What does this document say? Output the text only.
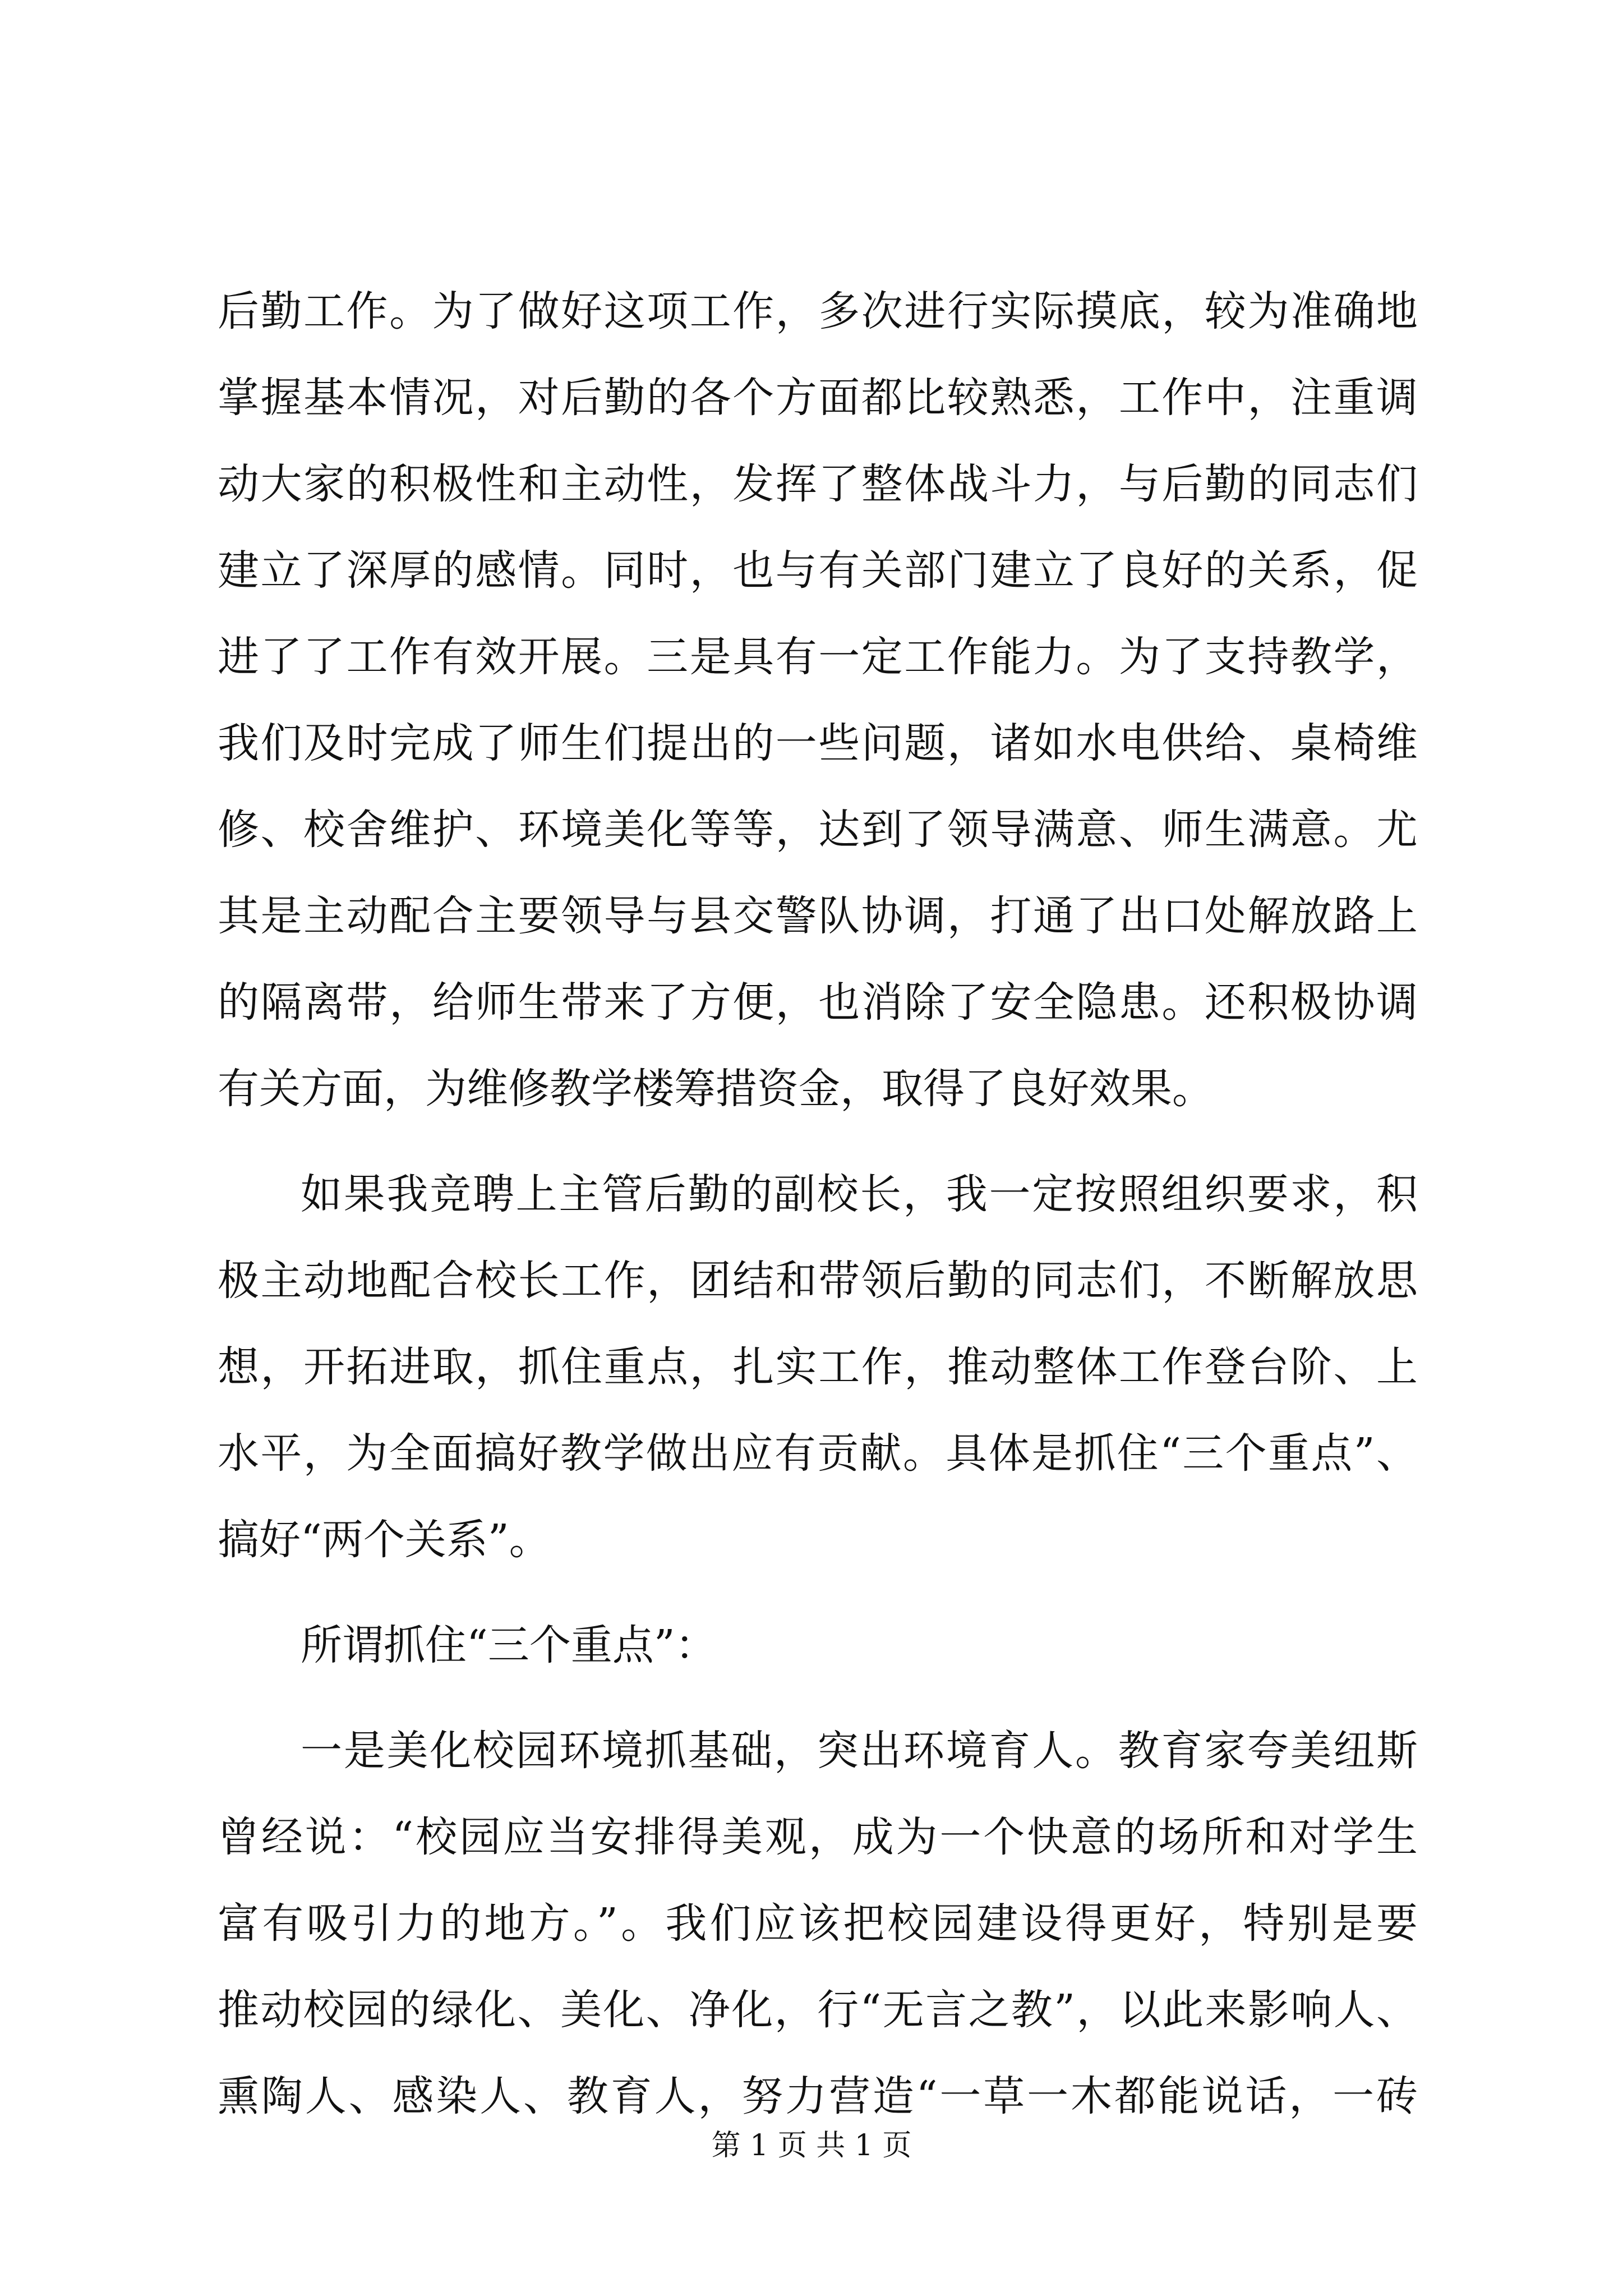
后勤工作。为了做好这项工作，多次进行实际摸底，较为准确地
掌握基本情况，对后勤的各个方面都比较熟悉，工作中，注重调
动大家的积极性和主动性，发挥了整体战斗力，与后勤的同志们
建立了深厚的感情。同时，也与有关部门建立了良好的关系，促
进了了工作有效开展。三是具有一定工作能力。为了支持教学，
我们及时完成了师生们提出的一些问题，诸如水电供给、桌椅维
修、校舍维护、环境美化等等，达到了领导满意、师生满意。尤
其是主动配合主要领导与县交警队协调，打通了出口处解放路上
的隔离带，给师生带来了方便，也消除了安全隐患。还积极协调
有关方面，为维修教学楼筹措资金，取得了良好效果。
如果我竞聘上主管后勤的副校长，我一定按照组织要求，积
极主动地配合校长工作，团结和带领后勤的同志们，不断解放思
想，开拓进取，抓住重点，扎实工作，推动整体工作登台阶、上
水平，为全面搞好教学做出应有贡献。具体是抓住“三个重点”、
搞好“两个关系”。
所谓抓住“三个重点”：
一是美化校园环境抓基础，突出环境育人。教育家夸美纽斯
曾经说：“校园应当安排得美观，成为一个快意的场所和对学生
富有吸引力的地方。”。我们应该把校园建设得更好，特别是要
推动校园的绿化、美化、净化，行“无言之教”，以此来影响人、
熏陶人、感染人、教育人，努力营造“一草一木都能说话，一砖
第 1 页 共 1 页
